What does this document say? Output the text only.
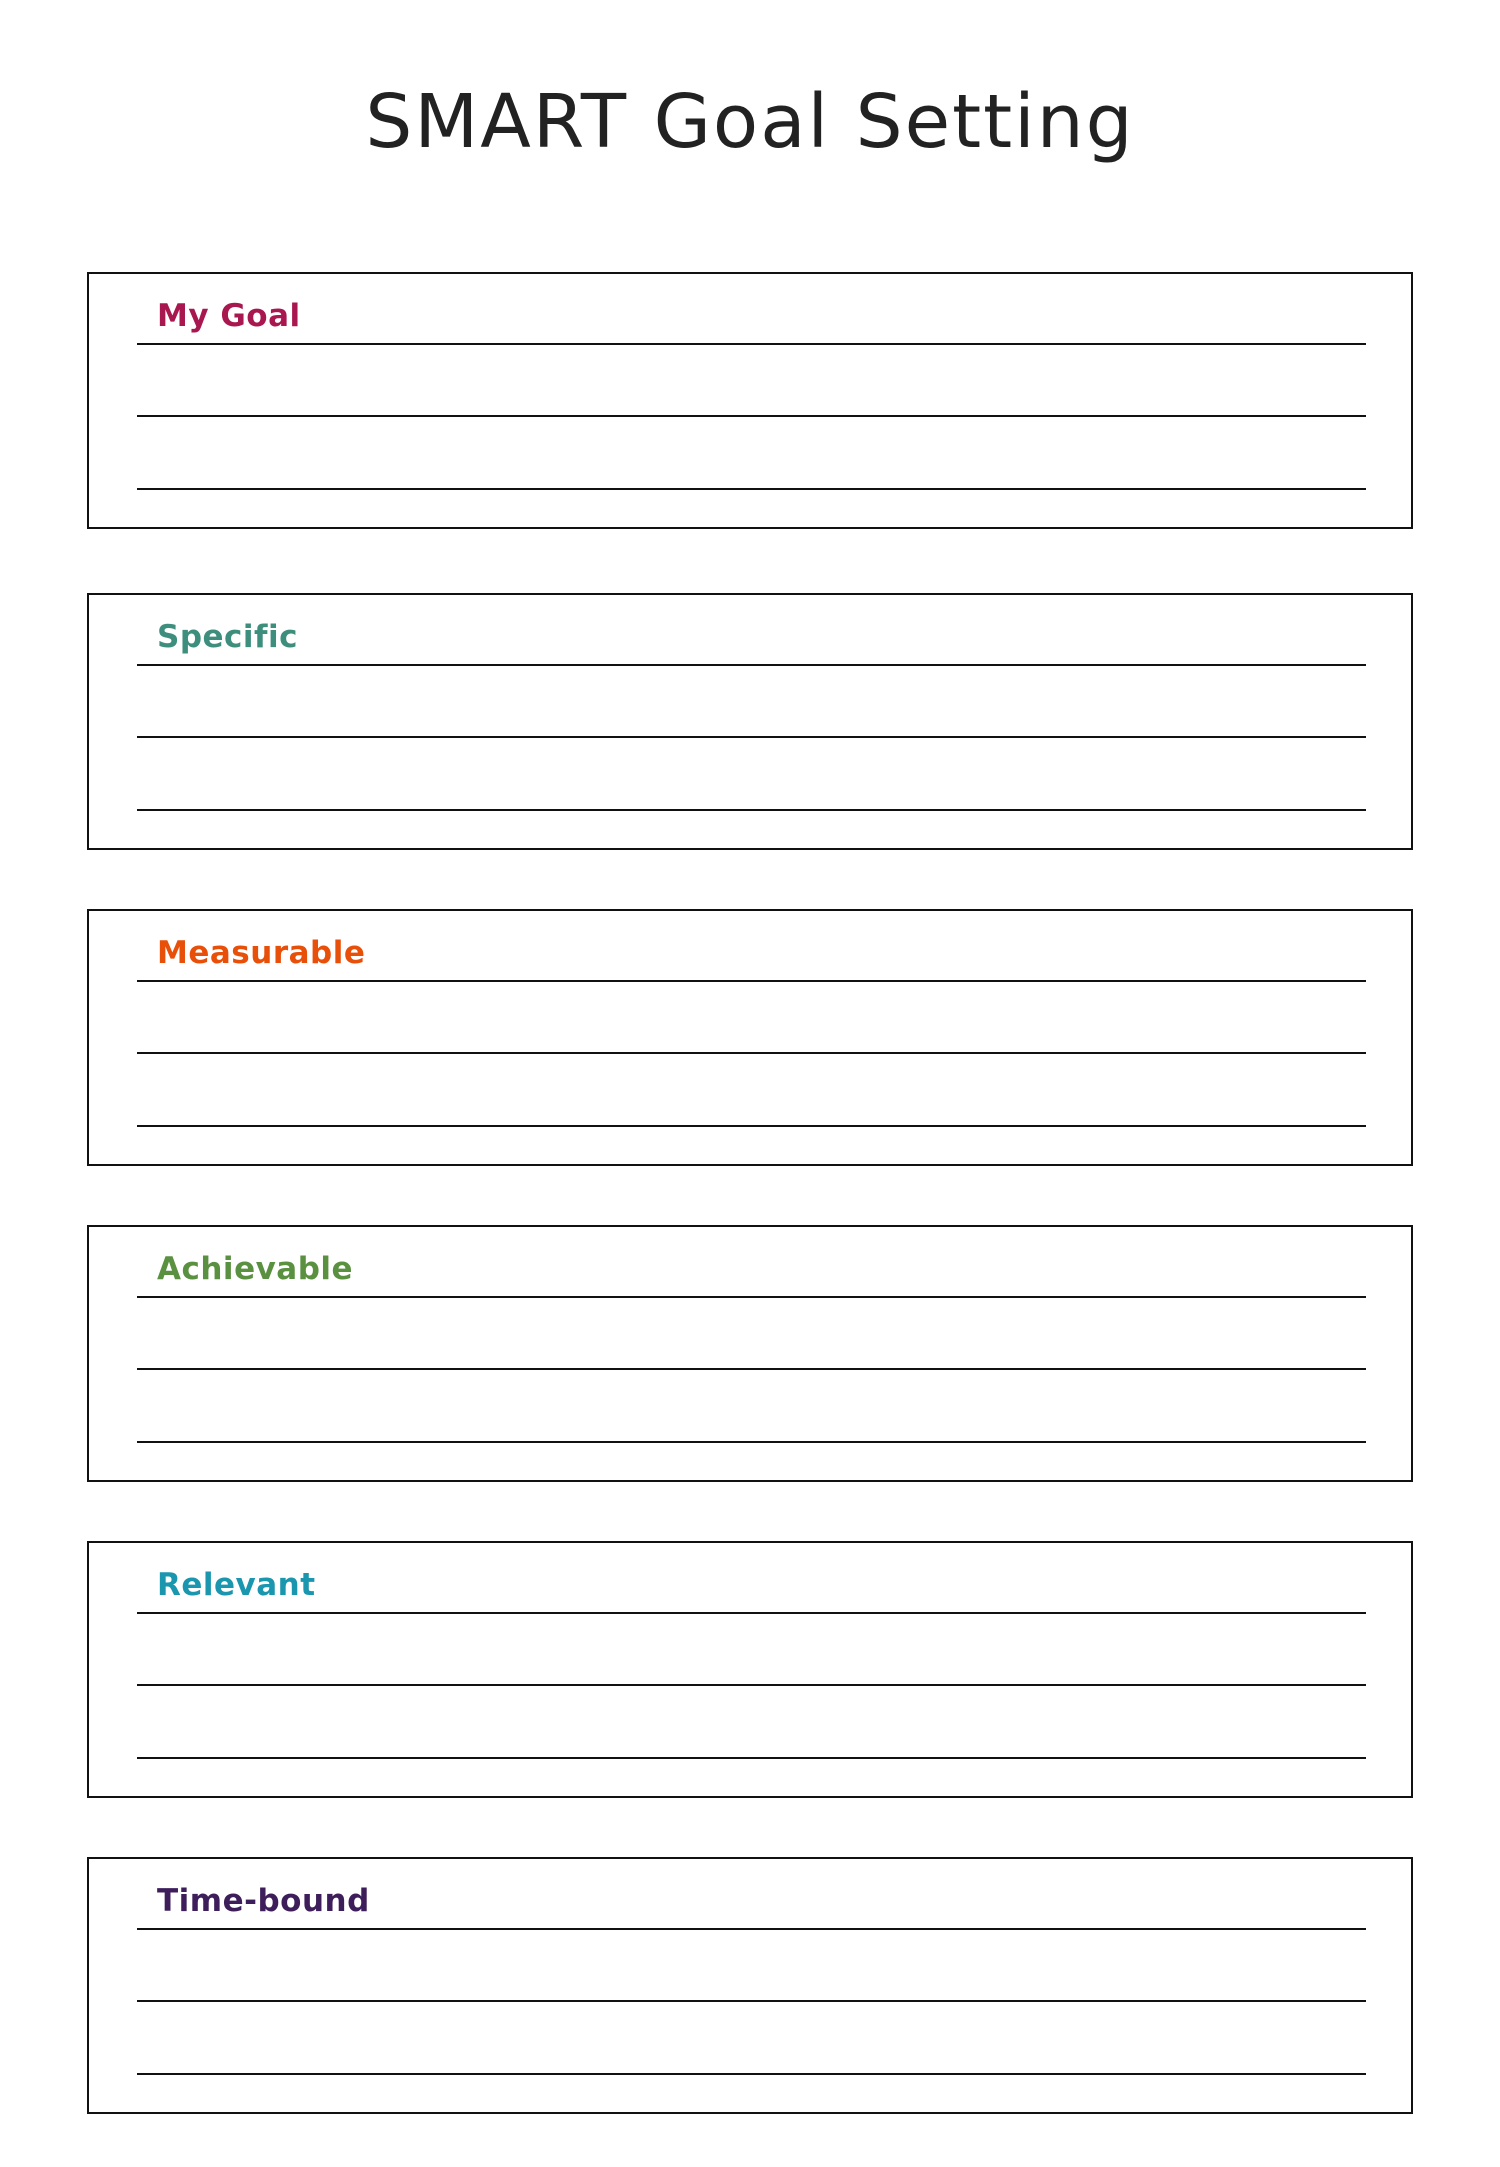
SMART Goal Setting
My Goal
Specific
Measurable
Achievable
Relevant
Time-bound
